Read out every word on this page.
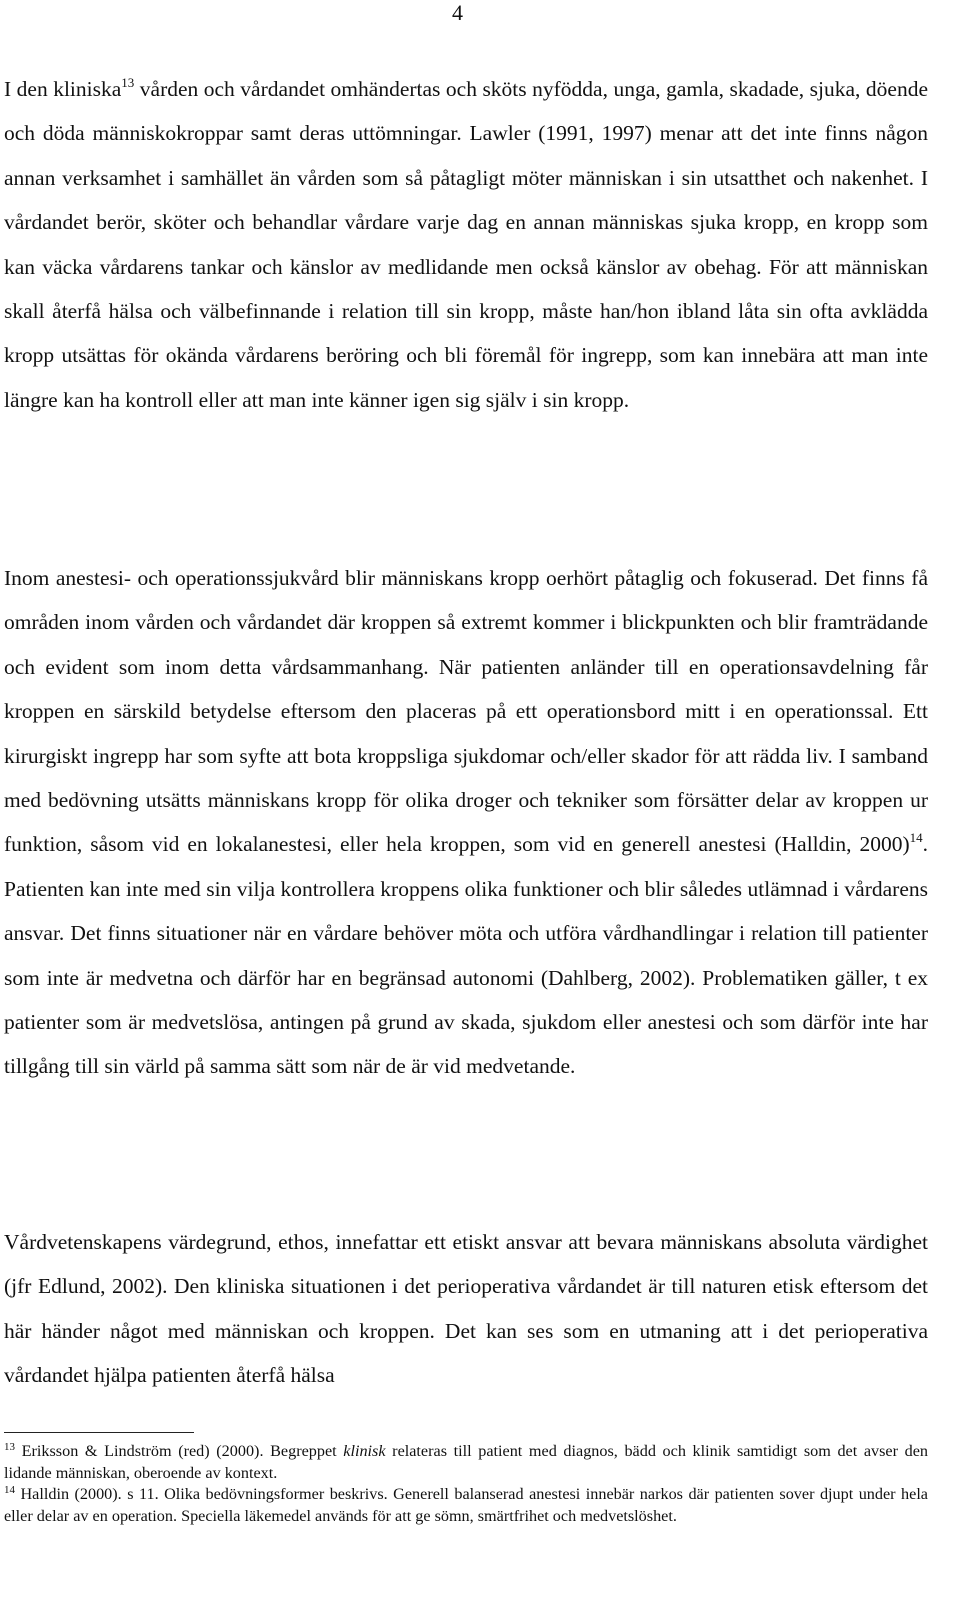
4

I den kliniska$^{13}$ vården och vårdandet omhändertas och sköts nyfödda, unga, gamla, skadade, sjuka, döende och döda människokroppar samt deras uttömningar. Lawler (1991, 1997) menar att det inte finns någon annan verksamhet i samhället än vården som så påtagligt möter människan i sin utsatthet och nakenhet. I vårdandet berör, sköter och behandlar vårdare varje dag en annan människas sjuka kropp, en kropp som kan väcka vårdarens tankar och känslor av medlidande men också känslor av obehag. För att människan skall återfå hälsa och välbefinnande i relation till sin kropp, måste han/hon ibland låta sin ofta avklädda kropp utsättas för okända vårdarens beröring och bli föremål för ingrepp, som kan innebära att man inte längre kan ha kontroll eller att man inte känner igen sig själv i sin kropp.

Inom anestesi- och operationssjukvård blir människans kropp oerhört påtaglig och fokuserad. Det finns få områden inom vården och vårdandet där kroppen så extremt kommer i blickpunkten och blir framträdande och evident som inom detta vårdsammanhang. När patienten anländer till en operationsavdelning får kroppen en särskild betydelse eftersom den placeras på ett operationsbord mitt i en operationssal. Ett kirurgiskt ingrepp har som syfte att bota kroppsliga sjukdomar och/eller skador för att rädda liv. I samband med bedövning utsätts människans kropp för olika droger och tekniker som försätter delar av kroppen ur funktion, såsom vid en lokalanestesi, eller hela kroppen, som vid en generell anestesi (Halldin, 2000)$^{14}$. Patienten kan inte med sin vilja kontrollera kroppens olika funktioner och blir således utlämnad i vårdarens ansvar. Det finns situationer när en vårdare behöver möta och utföra vårdhandlingar i relation till patienter som inte är medvetna och därför har en begränsad autonomi (Dahlberg, 2002). Problematiken gäller, t ex patienter som är medvetslösa, antingen på grund av skada, sjukdom eller anestesi och som därför inte har tillgång till sin värld på samma sätt som när de är vid medvetande.

Vårdvetenskapens värdegrund, ethos, innefattar ett etiskt ansvar att bevara människans absoluta värdighet (jfr Edlund, 2002). Den kliniska situationen i det perioperativa vårdandet är till naturen etisk eftersom det här händer något med människan och kroppen. Det kan ses som en utmaning att i det perioperativa vårdandet hjälpa patienten återfå hälsa

$^{13}$ Eriksson & Lindström (red) (2000). Begreppet klinisk relateras till patient med diagnos, bädd och klinik samtidigt som det avser den lidande människan, oberoende av kontext.

$^{14}$ Halldin (2000). s 11. Olika bedövningsformer beskrivs. Generell balanserad anestesi innebär narkos där patienten sover djupt under hela eller delar av en operation. Speciella läkemedel används för att ge sömn, smärtfrihet och medvetslöshet.
